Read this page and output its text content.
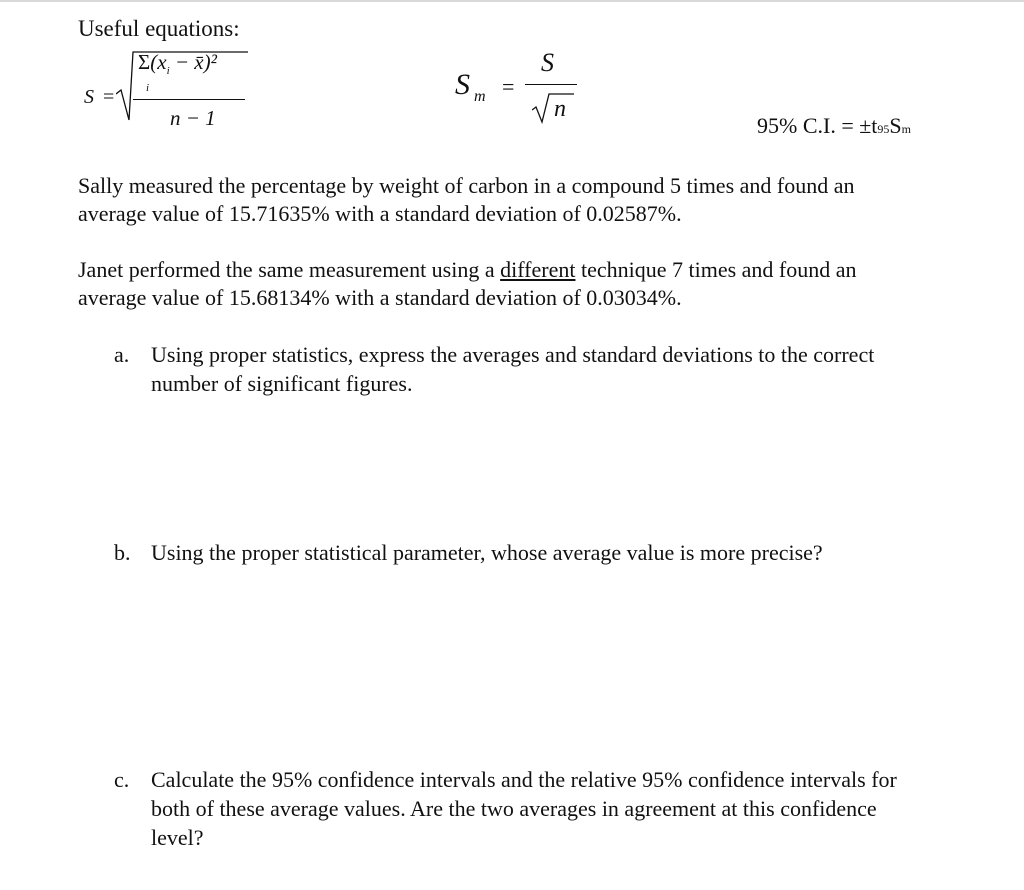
Useful equations:
S =
$\Sigma(x_i$ − x̄)²
i
n − 1
S m =
S
n
95% C.I. = ±t95Sm
Sally measured the percentage by weight of carbon in a compound 5 times and found an
average value of 15.71635% with a standard deviation of 0.02587%.
Janet performed the same measurement using a different technique 7 times and found an
average value of 15.68134% with a standard deviation of 0.03034%.
a. Using proper statistics, express the averages and standard deviations to the correct
number of significant figures.
b. Using the proper statistical parameter, whose average value is more precise?
c. Calculate the 95% confidence intervals and the relative 95% confidence intervals for
both of these average values. Are the two averages in agreement at this confidence
level?
